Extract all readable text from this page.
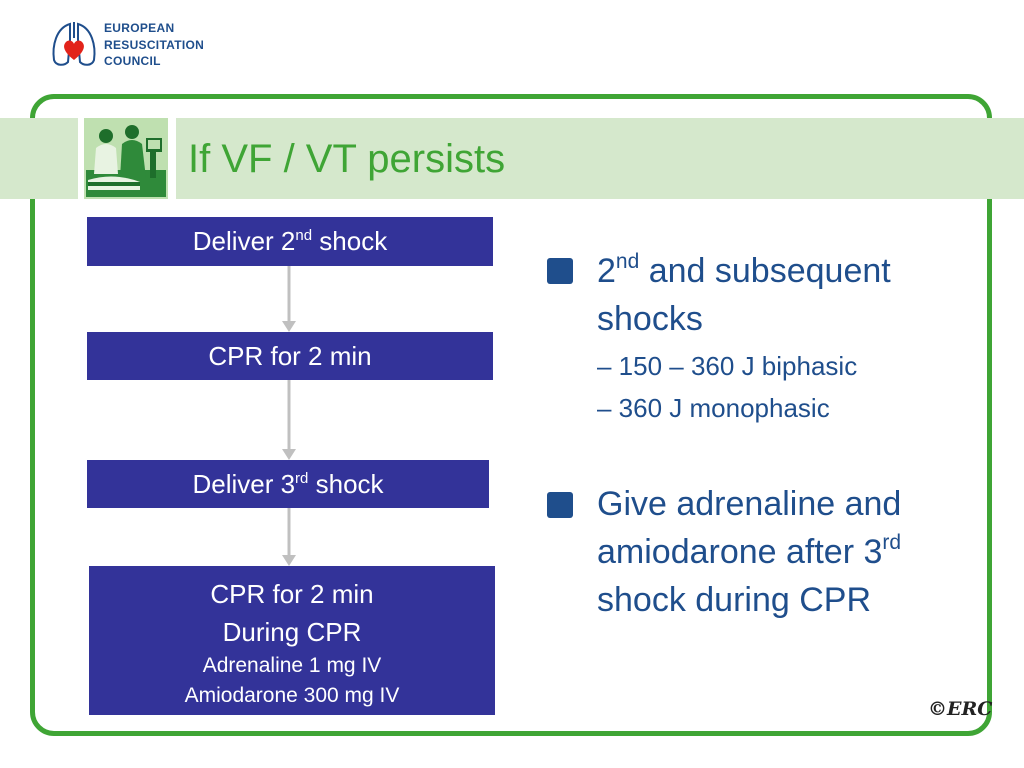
EUROPEAN
RESUSCITATION
COUNCIL
If VF / VT persists
Deliver 2nd shock
CPR for 2 min
Deliver 3rd shock
CPR for 2 min
During CPR
Adrenaline 1 mg IV
Amiodarone 300 mg IV
2nd and subsequent
shocks
– 150 – 360 J biphasic
– 360 J monophasic
Give adrenaline and
amiodarone after 3rd
shock during CPR
©ERC
